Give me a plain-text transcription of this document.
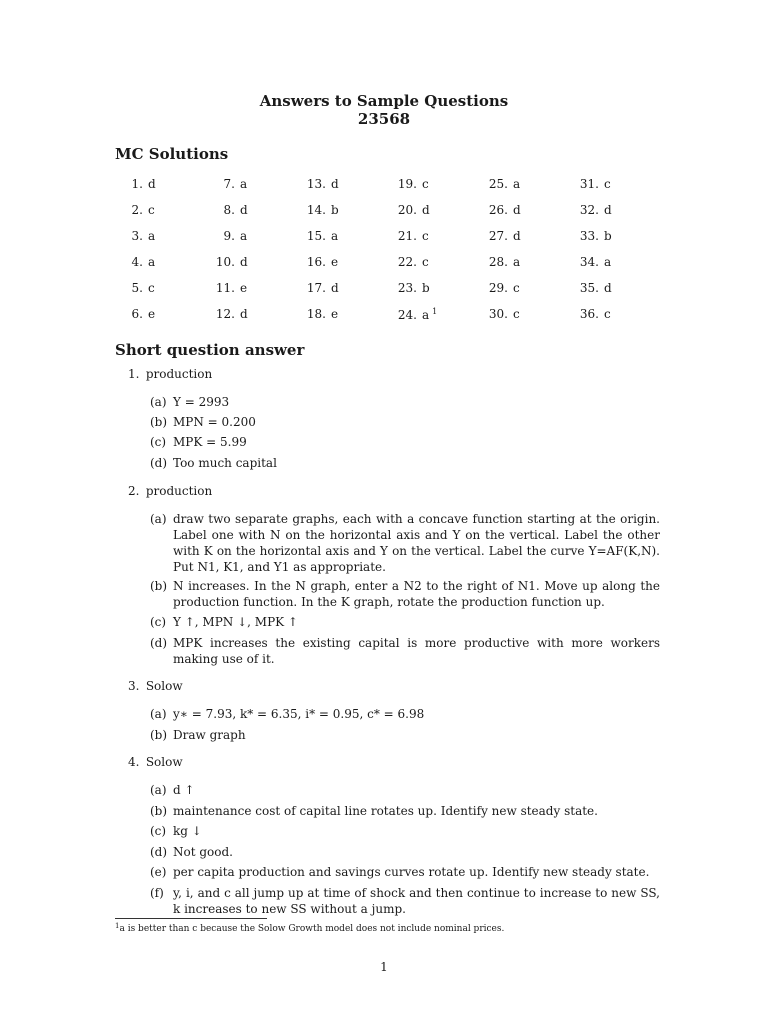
Answers to Sample Questions
23568
MC Solutions
1. d
2. c
3. a
4. a
5. c
6. e
7. a
8. d
9. a
10. d
11. e
12. d
13. d
14. b
15. a
16. e
17. d
18. e
19. c
20. d
21. c
22. c
23. b
24. a $^1$
25. a
26. d
27. d
28. a
29. c
30. c
31. c
32. d
33. b
34. a
35. d
36. c
Short question answer
1. production
(a) Y = 2993
(b) MPN = 0.200
(c) MPK = 5.99
(d) Too much capital
2. production
(a) draw two separate graphs, each with a concave function starting at the origin. Label one with N on the horizontal axis and Y on the vertical. Label the other with K on the horizontal axis and Y on the vertical. Label the curve Y=AF(K,N). Put N1, K1, and Y1 as appropriate.
(b) N increases. In the N graph, enter a N2 to the right of N1. Move up along the production function. In the K graph, rotate the production function up.
(c) Y ↑, MPN ↓, MPK ↑
(d) MPK increases the existing capital is more productive with more workers making use of it.
3. Solow
(a) y∗ = 7.93, k* = 6.35, i* = 0.95, c* = 6.98
(b) Draw graph
4. Solow
(a) d ↑
(b) maintenance cost of capital line rotates up. Identify new steady state.
(c) kg ↓
(d) Not good.
(e) per capita production and savings curves rotate up. Identify new steady state.
(f) y, i, and c all jump up at time of shock and then continue to increase to new SS, k increases to new SS without a jump.
$^1$a is better than c because the Solow Growth model does not include nominal prices.
1
